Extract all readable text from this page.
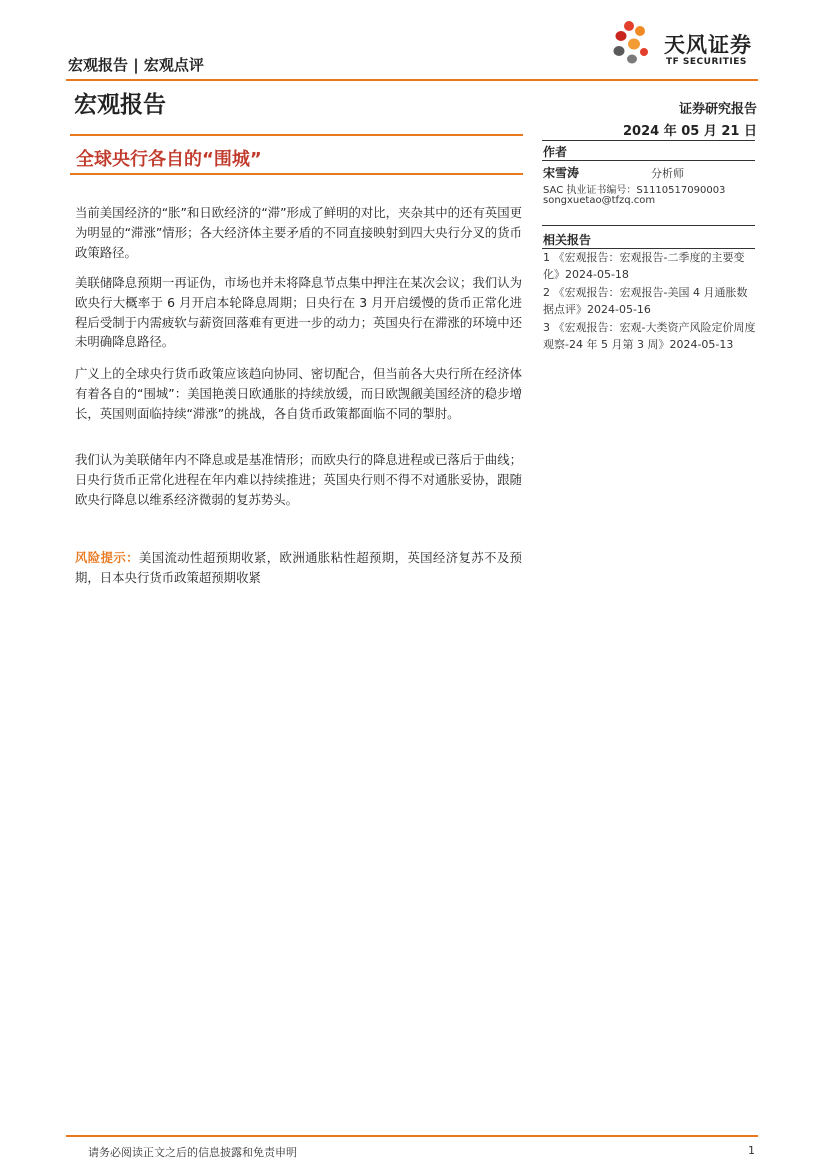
宏观报告 | 宏观点评
天风证券
TF SECURITIES
宏观报告	证券研究报告
2024 年 05 月 21 日
全球央行各自的“围城”	作者
宋雪涛	分析师
SAC 执业证书编号：S1110517090003
songxuetao@tfzq.com
相关报告
1 《宏观报告：宏观报告-二季度的主要变化》2024-05-18
2 《宏观报告：宏观报告-美国 4 月通胀数据点评》2024-05-16
3 《宏观报告：宏观-大类资产风险定价周度观察-24 年 5 月第 3 周》2024-05-13
当前美国经济的“胀”和日欧经济的“滞”形成了鲜明的对比，夹杂其中的还有英国更为明显的“滞涨”情形；各大经济体主要矛盾的不同直接映射到四大央行分叉的货币政策路径。
美联储降息预期一再证伪，市场也并未将降息节点集中押注在某次会议；我们认为欧央行大概率于 6 月开启本轮降息周期；日央行在 3 月开启缓慢的货币正常化进程后受制于内需疲软与薪资回落难有更进一步的动力；英国央行在滞涨的环境中还未明确降息路径。
广义上的全球央行货币政策应该趋向协同、密切配合，但当前各大央行所在经济体有着各自的“围城”：美国艳羡日欧通胀的持续放缓，而日欧觊觎美国经济的稳步增长，英国则面临持续“滞涨”的挑战，各自货币政策都面临不同的掣肘。
我们认为美联储年内不降息或是基准情形；而欧央行的降息进程或已落后于曲线；日央行货币正常化进程在年内难以持续推进；英国央行则不得不对通胀妥协，跟随欧央行降息以维系经济微弱的复苏势头。
风险提示：美国流动性超预期收紧，欧洲通胀粘性超预期，英国经济复苏不及预期，日本央行货币政策超预期收紧
请务必阅读正文之后的信息披露和免责申明	1
